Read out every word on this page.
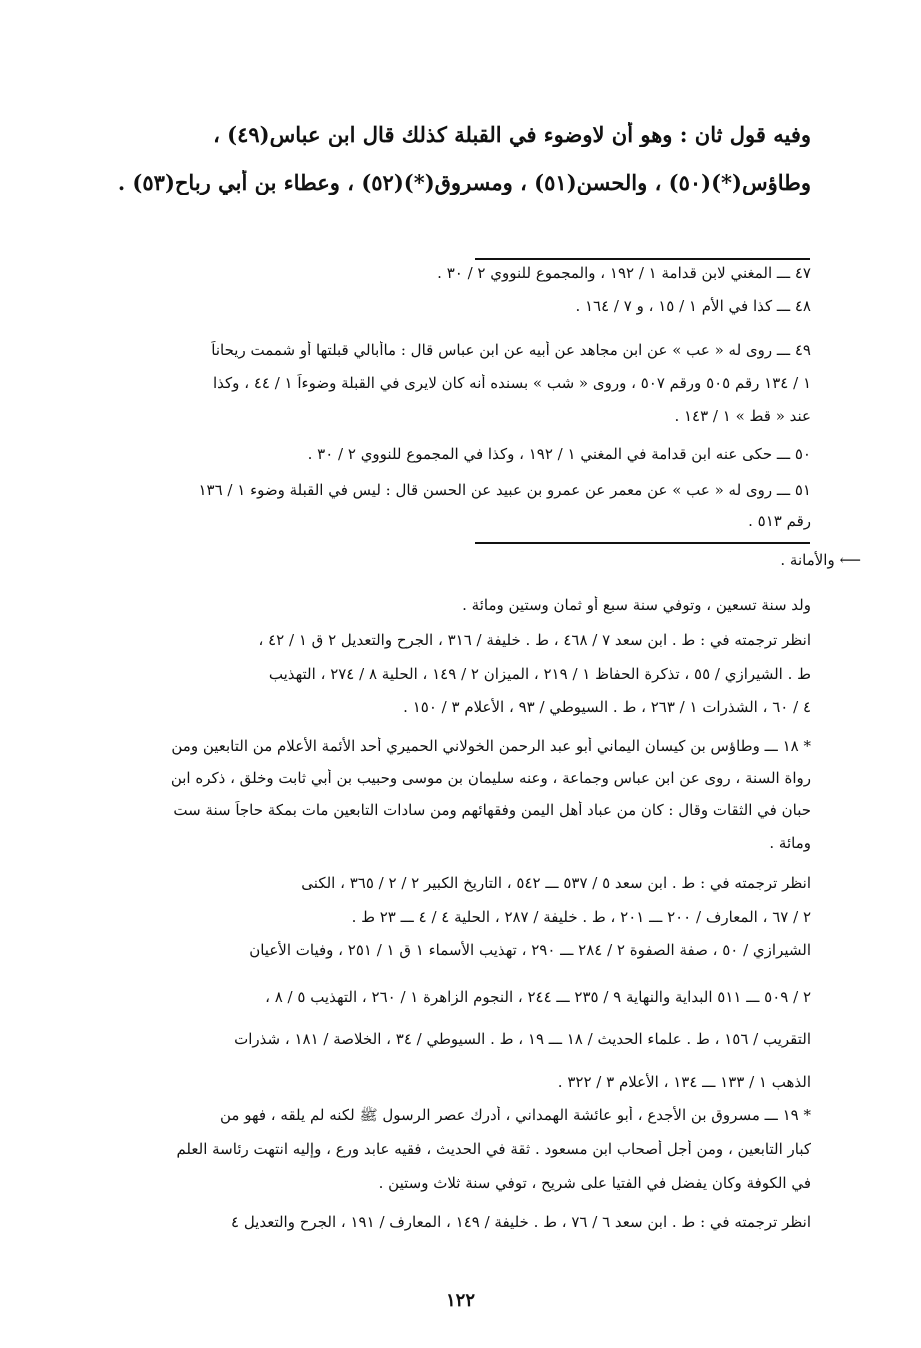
وفيه قول ثان : وهو أن لاوضوء في القبلة كذلك قال ابن عباس(٤٩) ،
وطاؤس(*)(٥٠) ، والحسن(٥١) ، ومسروق(*)(٥٢) ، وعطاء بن أبي رباح(٥٣) .
٤٧ ـــ المغني لابن قدامة ١ / ١٩٢ ، والمجموع للنووي ٢ / ٣٠ .
٤٨ ـــ كذا في الأم ١ / ١٥ ، و ٧ / ١٦٤ .
٤٩ ـــ روى له « عب » عن ابن مجاهد عن أبيه عن ابن عباس قال : ماأبالي قبلتها أو شممت ريحاناً
١ / ١٣٤ رقم ٥٠٥ ورقم ٥٠٧ ، وروى « شب » بسنده أنه كان لايرى في القبلة وضوءاً ١ / ٤٤ ، وكذا
عند « قط » ١ / ١٤٣ .
٥٠ ـــ حكى عنه ابن قدامة في المغني ١ / ١٩٢ ، وكذا في المجموع للنووي ٢ / ٣٠ .
٥١ ـــ روى له « عب » عن معمر عن عمرو بن عبيد عن الحسن قال : ليس في القبلة وضوء ١ / ١٣٦
رقم ٥١٣ .
⟵ والأمانة .
ولد سنة تسعين ، وتوفي سنة سبع أو ثمان وستين ومائة .
انظر ترجمته في : ط . ابن سعد ٧ / ٤٦٨ ، ط . خليفة / ٣١٦ ، الجرح والتعديل ٢ ق ١ / ٤٢ ،
ط . الشيرازي / ٥٥ ، تذكرة الحفاظ ١ / ٢١٩ ، الميزان ٢ / ١٤٩ ، الحلية ٨ / ٢٧٤ ، التهذيب
٤ / ٦٠ ، الشذرات ١ / ٢٦٣ ، ط . السيوطي / ٩٣ ، الأعلام ٣ / ١٥٠ .
* ١٨ ـــ وطاؤس بن كيسان اليماني أبو عبد الرحمن الخولاني الحميري أحد الأئمة الأعلام من التابعين ومن
رواة السنة ، روى عن ابن عباس وجماعة ، وعنه سليمان بن موسى وحبيب بن أبي ثابت وخلق ، ذكره ابن
حبان في الثقات وقال : كان من عباد أهل اليمن وفقهائهم ومن سادات التابعين مات بمكة حاجاً سنة ست
ومائة .
انظر ترجمته في : ط . ابن سعد ٥ / ٥٣٧ ـــ ٥٤٢ ، التاريخ الكبير ٢ / ٢ / ٣٦٥ ، الكنى
٢ / ٦٧ ، المعارف / ٢٠٠ ـــ ٢٠١ ، ط . خليفة / ٢٨٧ ، الحلية ٤ / ٤ ـــ ٢٣ ط .
الشيرازي / ٥٠ ، صفة الصفوة ٢ / ٢٨٤ ـــ ٢٩٠ ، تهذيب الأسماء ١ ق ١ / ٢٥١ ، وفيات الأعيان
٢ / ٥٠٩ ـــ ٥١١ البداية والنهاية ٩ / ٢٣٥ ـــ ٢٤٤ ، النجوم الزاهرة ١ / ٢٦٠ ، التهذيب ٥ / ٨ ،
التقريب / ١٥٦ ، ط . علماء الحديث / ١٨ ـــ ١٩ ، ط . السيوطي / ٣٤ ، الخلاصة / ١٨١ ، شذرات
الذهب ١ / ١٣٣ ـــ ١٣٤ ، الأعلام ٣ / ٣٢٢ .
* ١٩ ـــ مسروق بن الأجدع ، أبو عائشة الهمداني ، أدرك عصر الرسول ﷺ لكنه لم يلقه ، فهو من
كبار التابعين ، ومن أجل أصحاب ابن مسعود . ثقة في الحديث ، فقيه عابد ورع ، وإليه انتهت رئاسة العلم
في الكوفة وكان يفضل في الفتيا على شريح ، توفي سنة ثلاث وستين .
انظر ترجمته في : ط . ابن سعد ٦ / ٧٦ ، ط . خليفة / ١٤٩ ، المعارف / ١٩١ ، الجرح والتعديل ٤
١٢٢
